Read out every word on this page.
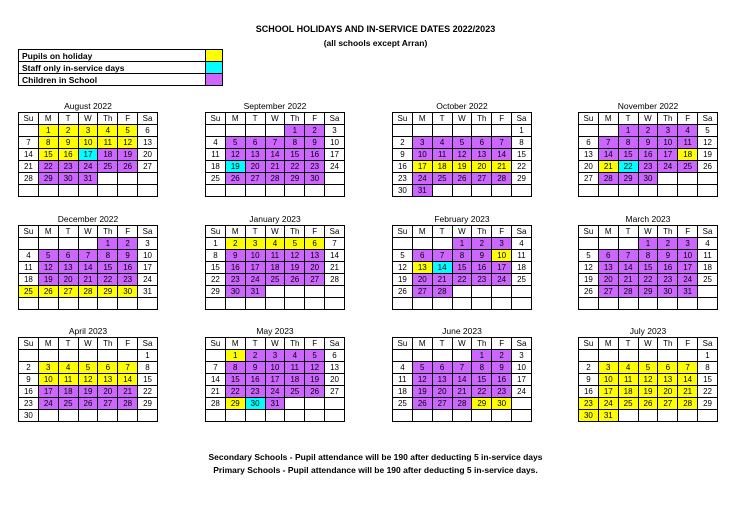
SCHOOL HOLIDAYS AND IN-SERVICE DATES 2022/2023
(all schools except Arran)
Pupils on holiday	
Staff only in-service days	
Children in School	
August 2022
Su	M	T	W	Th	F	Sa
	1	2	3	4	5	6
7	8	9	10	11	12	13
14	15	16	17	18	19	20
21	22	23	24	25	26	27
28	29	30	31			

September 2022
Su	M	T	W	Th	F	Sa
				1	2	3
4	5	6	7	8	9	10
11	12	13	14	15	16	17
18	19	20	21	22	23	24
25	26	27	28	29	30	

October 2022
Su	M	T	W	Th	F	Sa
						1
2	3	4	5	6	7	8
9	10	11	12	13	14	15
16	17	18	19	20	21	22
23	24	25	26	27	28	29
30	31					
November 2022
Su	M	T	W	Th	F	Sa
		1	2	3	4	5
6	7	8	9	10	11	12
13	14	15	16	17	18	19
20	21	22	23	24	25	26
27	28	29	30			

December 2022
Su	M	T	W	Th	F	Sa
				1	2	3
4	5	6	7	8	9	10
11	12	13	14	15	16	17
18	19	20	21	22	23	24
25	26	27	28	29	30	31

January 2023
Su	M	T	W	Th	F	Sa
1	2	3	4	5	6	7
8	9	10	11	12	13	14
15	16	17	18	19	20	21
22	23	24	25	26	27	28
29	30	31				

February 2023
Su	M	T	W	Th	F	Sa
			1	2	3	4
5	6	7	8	9	10	11
12	13	14	15	16	17	18
19	20	21	22	23	24	25
26	27	28				

March 2023
Su	M	T	W	Th	F	Sa
			1	2	3	4
5	6	7	8	9	10	11
12	13	14	15	16	17	18
19	20	21	22	23	24	25
26	27	28	29	30	31	

April 2023
Su	M	T	W	Th	F	Sa
						1
2	3	4	5	6	7	8
9	10	11	12	13	14	15
16	17	18	19	20	21	22
23	24	25	26	27	28	29
30						
May 2023
Su	M	T	W	Th	F	Sa
	1	2	3	4	5	6
7	8	9	10	11	12	13
14	15	16	17	18	19	20
21	22	23	24	25	26	27
28	29	30	31			

June 2023
Su	M	T	W	Th	F	Sa
				1	2	3
4	5	6	7	8	9	10
11	12	13	14	15	16	17
18	19	20	21	22	23	24
25	26	27	28	29	30	

July 2023
Su	M	T	W	Th	F	Sa
						1
2	3	4	5	6	7	8
9	10	11	12	13	14	15
16	17	18	19	20	21	22
23	24	25	26	27	28	29
30	31					
Secondary Schools - Pupil attendance will be 190 after deducting 5 in-service days
Primary Schools - Pupil attendance will be 190 after deducting 5 in-service days.
